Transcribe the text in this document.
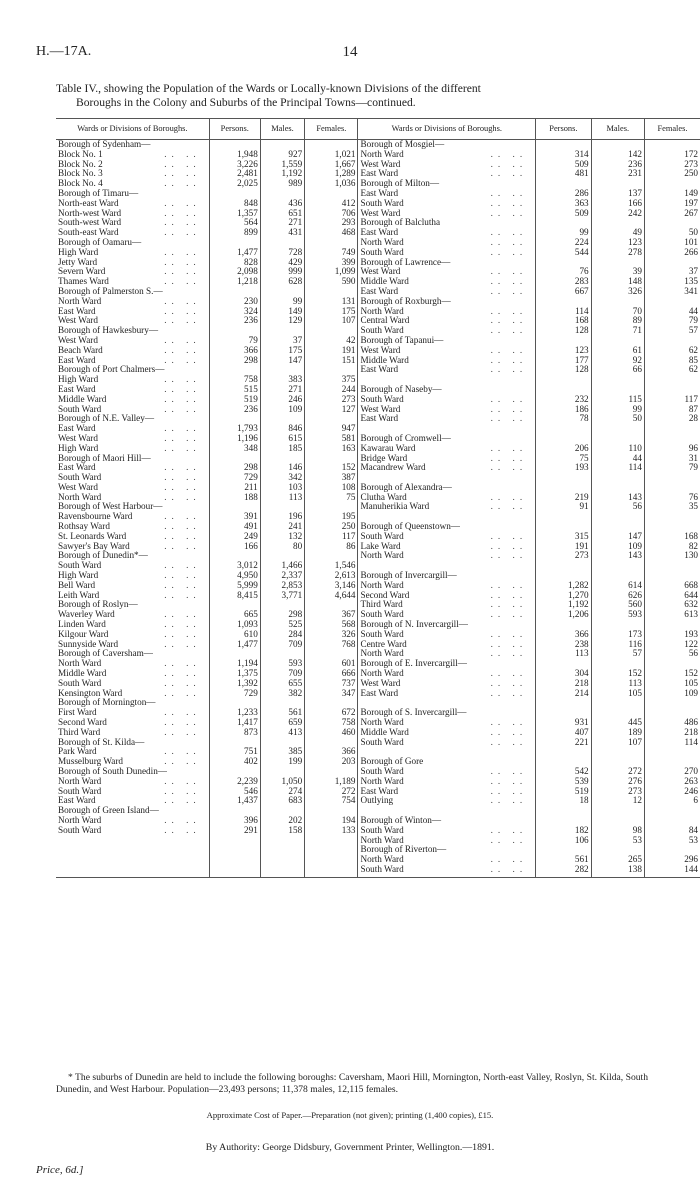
H.—17A.	14
Table IV., showing the Population of the Wards or Locally-known Divisions of the different
Boroughs in the Colony and Suburbs of the Principal Towns—continued.
Wards or Divisions of Boroughs.	Persons.	Males.	Females.	Wards or Divisions of Boroughs.	Persons.	Males.	Females.
Borough of Sydenham—				Borough of Mosgiel—			
Block No. 1 .. ..	1,948	927	1,021	North Ward .. ..	314	142	172
Block No. 2 .. ..	3,226	1,559	1,667	West Ward .. ..	509	236	273
Block No. 3 .. ..	2,481	1,192	1,289	East Ward .. ..	481	231	250
Block No. 4 .. ..	2,025	989	1,036	Borough of Milton—			
Borough of Timaru—				East Ward .. ..	286	137	149
North-east Ward .. ..	848	436	412	South Ward .. ..	363	166	197
North-west Ward .. ..	1,357	651	706	West Ward .. ..	509	242	267
South-west Ward .. ..	564	271	293	Borough of Balclutha			
South-east Ward .. ..	899	431	468	East Ward .. ..	99	49	50
Borough of Oamaru—				North Ward .. ..	224	123	101
High Ward .. ..	1,477	728	749	South Ward .. ..	544	278	266
Jetty Ward .. ..	828	429	399	Borough of Lawrence—			
Severn Ward .. ..	2,098	999	1,099	West Ward .. ..	76	39	37
Thames Ward .. ..	1,218	628	590	Middle Ward .. ..	283	148	135
Borough of Palmerston S.—				East Ward .. ..	667	326	341
North Ward .. ..	230	99	131	Borough of Roxburgh—			
East Ward .. ..	324	149	175	North Ward .. ..	114	70	44
West Ward .. ..	236	129	107	Central Ward .. ..	168	89	79
Borough of Hawkesbury—				South Ward .. ..	128	71	57
West Ward .. ..	79	37	42	Borough of Tapanui—			
Beach Ward .. ..	366	175	191	West Ward .. ..	123	61	62
East Ward .. ..	298	147	151	Middle Ward .. ..	177	92	85
Borough of Port Chalmers—				East Ward .. ..	128	66	62
High Ward .. ..	758	383	375				
East Ward .. ..	515	271	244	Borough of Naseby—			
Middle Ward .. ..	519	246	273	South Ward .. ..	232	115	117
South Ward .. ..	236	109	127	West Ward .. ..	186	99	87
Borough of N.E. Valley—				East Ward .. ..	78	50	28
East Ward .. ..	1,793	846	947				
West Ward .. ..	1,196	615	581	Borough of Cromwell—			
High Ward .. ..	348	185	163	Kawarau Ward .. ..	206	110	96
Borough of Maori Hill—				Bridge Ward .. ..	75	44	31
East Ward .. ..	298	146	152	Macandrew Ward .. ..	193	114	79
South Ward .. ..	729	342	387				
West Ward .. ..	211	103	108	Borough of Alexandra—			
North Ward .. ..	188	113	75	Clutha Ward .. ..	219	143	76
Borough of West Harbour—				Manuherikia Ward .. ..	91	56	35
Ravensbourne Ward .. ..	391	196	195				
Rothsay Ward .. ..	491	241	250	Borough of Queenstown—			
St. Leonards Ward .. ..	249	132	117	South Ward .. ..	315	147	168
Sawyer's Bay Ward .. ..	166	80	86	Lake Ward .. ..	191	109	82
Borough of Dunedin*—				North Ward .. ..	273	143	130
South Ward .. ..	3,012	1,466	1,546				
High Ward .. ..	4,950	2,337	2,613	Borough of Invercargill—			
Bell Ward .. ..	5,999	2,853	3,146	North Ward .. ..	1,282	614	668
Leith Ward .. ..	8,415	3,771	4,644	Second Ward .. ..	1,270	626	644
Borough of Roslyn—				Third Ward .. ..	1,192	560	632
Waverley Ward .. ..	665	298	367	South Ward .. ..	1,206	593	613
Linden Ward .. ..	1,093	525	568	Borough of N. Invercargill—			
Kilgour Ward .. ..	610	284	326	South Ward .. ..	366	173	193
Sunnyside Ward .. ..	1,477	709	768	Centre Ward .. ..	238	116	122
Borough of Caversham—				North Ward .. ..	113	57	56
North Ward .. ..	1,194	593	601	Borough of E. Invercargill—			
Middle Ward .. ..	1,375	709	666	North Ward .. ..	304	152	152
South Ward .. ..	1,392	655	737	West Ward .. ..	218	113	105
Kensington Ward .. ..	729	382	347	East Ward .. ..	214	105	109
Borough of Mornington—							
First Ward .. ..	1,233	561	672	Borough of S. Invercargill—			
Second Ward .. ..	1,417	659	758	North Ward .. ..	931	445	486
Third Ward .. ..	873	413	460	Middle Ward .. ..	407	189	218
Borough of St. Kilda—				South Ward .. ..	221	107	114
Park Ward .. ..	751	385	366				
Musselburg Ward .. ..	402	199	203	Borough of Gore			
Borough of South Dunedin—				South Ward .. ..	542	272	270
North Ward .. ..	2,239	1,050	1,189	North Ward .. ..	539	276	263
South Ward .. ..	546	274	272	East Ward .. ..	519	273	246
East Ward .. ..	1,437	683	754	Outlying .. ..	18	12	6
Borough of Green Island—							
North Ward .. ..	396	202	194	Borough of Winton—			
South Ward .. ..	291	158	133	South Ward .. ..	182	98	84
				North Ward .. ..	106	53	53
				Borough of Riverton—			
				North Ward .. ..	561	265	296
				South Ward .. ..	282	138	144

* The suburbs of Dunedin are held to include the following boroughs: Caversham, Maori Hill, Mornington, North-east Valley, Roslyn, St. Kilda, South Dunedin, and West Harbour. Population—23,493 persons; 11,378 males, 12,115 females.
Approximate Cost of Paper.—Preparation (not given); printing (1,400 copies), £15.
By Authority: George Didsbury, Government Printer, Wellington.—1891.
Price, 6d.]
